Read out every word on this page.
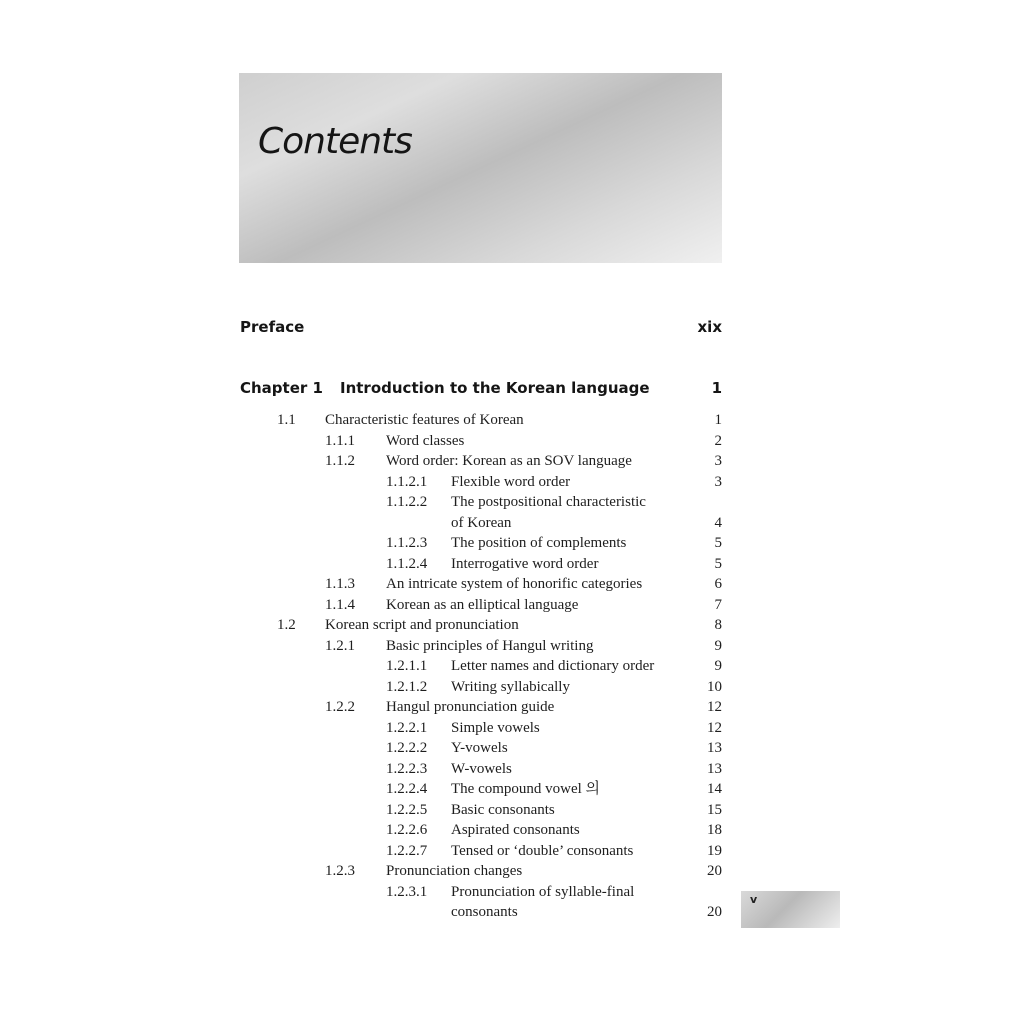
Contents
Preface	xix
Chapter 1 Introduction to the Korean language	1
1.1 Characteristic features of Korean	1
1.1.1 Word classes	2
1.1.2 Word order: Korean as an SOV language	3
1.1.2.1 Flexible word order	3
1.1.2.2 The postpositional characteristic
of Korean	4
1.1.2.3 The position of complements	5
1.1.2.4 Interrogative word order	5
1.1.3 An intricate system of honorific categories	6
1.1.4 Korean as an elliptical language	7
1.2 Korean script and pronunciation	8
1.2.1 Basic principles of Hangul writing	9
1.2.1.1 Letter names and dictionary order	9
1.2.1.2 Writing syllabically	10
1.2.2 Hangul pronunciation guide	12
1.2.2.1 Simple vowels	12
1.2.2.2 Y-vowels	13
1.2.2.3 W-vowels	13
1.2.2.4 The compound vowel 의	14
1.2.2.5 Basic consonants	15
1.2.2.6 Aspirated consonants	18
1.2.2.7 Tensed or ‘double’ consonants	19
1.2.3 Pronunciation changes	20
1.2.3.1 Pronunciation of syllable-final
consonants	20
v
